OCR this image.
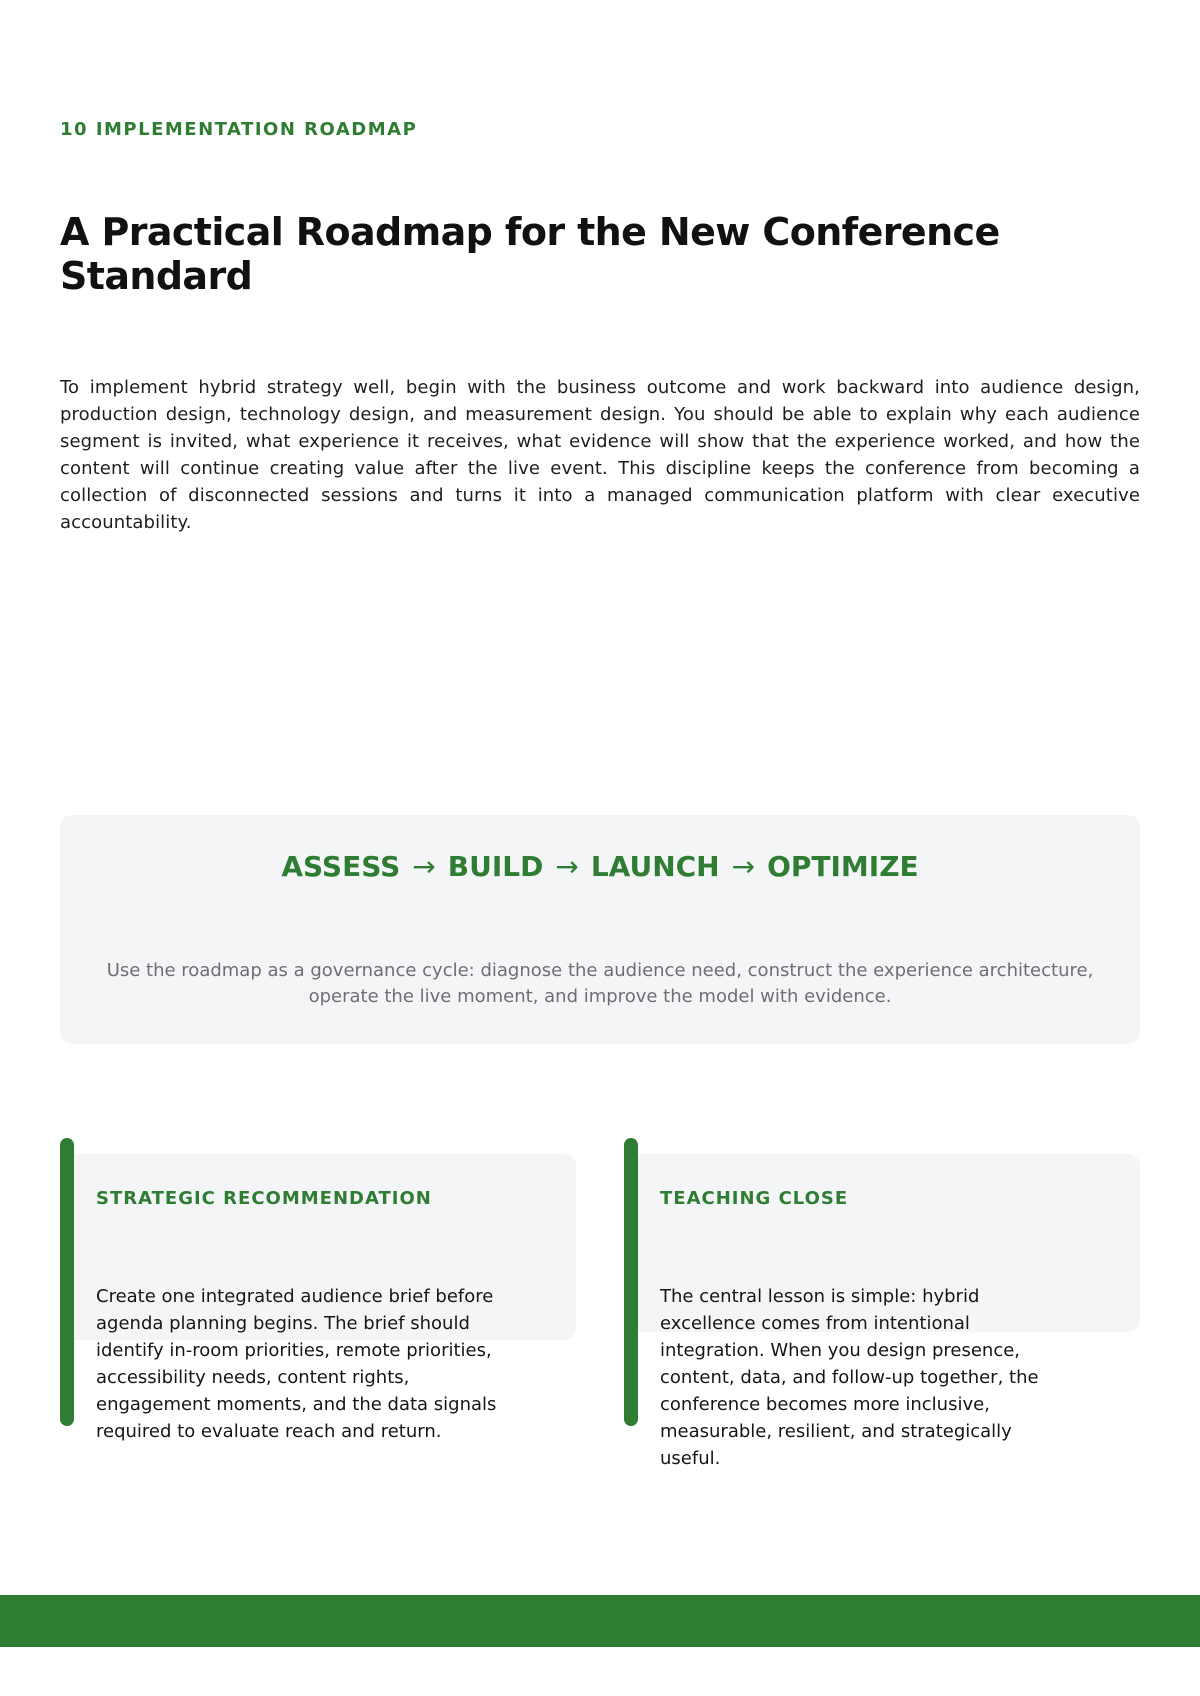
10 IMPLEMENTATION ROADMAP
A Practical Roadmap for the New Conference Standard

To implement hybrid strategy well, begin with the business outcome and work backward into audience design, production design, technology design, and measurement design. You should be able to explain why each audience segment is invited, what experience it receives, what evidence will show that the experience worked, and how the content will continue creating value after the live event. This discipline keeps the conference from becoming a collection of disconnected sessions and turns it into a managed communication platform with clear executive accountability.

ASSESS → BUILD → LAUNCH → OPTIMIZE

Use the roadmap as a governance cycle: diagnose the audience need, construct the experience architecture, operate the live moment, and improve the model with evidence.

STRATEGIC RECOMMENDATION

Create one integrated audience brief before agenda planning begins. The brief should identify in-room priorities, remote priorities, accessibility needs, content rights, engagement moments, and the data signals required to evaluate reach and return.

TEACHING CLOSE

The central lesson is simple: hybrid excellence comes from intentional integration. When you design presence, content, data, and follow-up together, the conference becomes more inclusive, measurable, resilient, and strategically useful.
